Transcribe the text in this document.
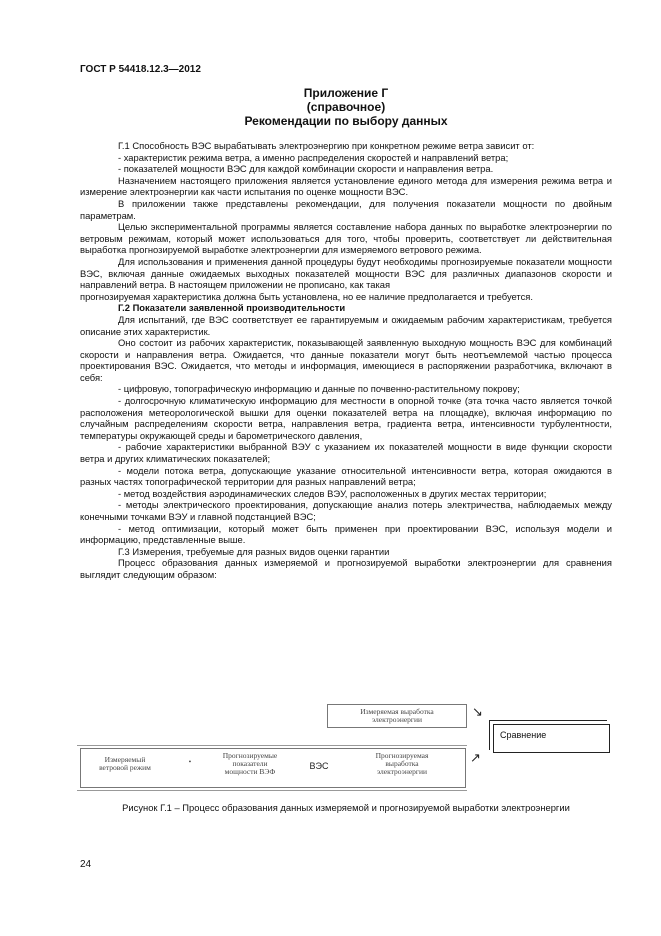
ГОСТ Р 54418.12.3—2012
Приложение Г
(справочное)
Рекомендации по выбору данных

Г.1 Способность ВЭС вырабатывать электроэнергию при конкретном режиме ветра зависит от:

- характеристик режима ветра, а именно распределения скоростей и направлений ветра;

- показателей мощности ВЭС для каждой комбинации скорости и направления ветра.

Назначением настоящего приложения является установление единого метода для измерения режима ветра и измерение электроэнергии как части испытания по оценке мощности ВЭС.

В приложении также представлены рекомендации, для получения показатели мощности по двойным параметрам.

Целью экспериментальной программы является составление набора данных по выработке электроэнергии по ветровым режимам, который может использоваться для того, чтобы проверить, соответствует ли действительная выработка прогнозируемой выработке электроэнергии для измеряемого ветрового режима.

Для использования и применения данной процедуры будут необходимы прогнозируемые показатели мощности ВЭС, включая данные ожидаемых выходных показателей мощности ВЭС для различных диапазонов скорости и направлений ветра. В настоящем приложении не прописано, как такая

прогнозируемая характеристика должна быть установлена, но ее наличие предполагается и требуется.

Г.2 Показатели заявленной производительности

Для испытаний, где ВЭС соответствует ее гарантируемым и ожидаемым рабочим характеристикам, требуется описание этих характеристик.

Оно состоит из рабочих характеристик, показывающей заявленную выходную мощность ВЭС для комбинаций скорости и направления ветра. Ожидается, что данные показатели могут быть неотъемлемой частью процесса проектирования ВЭС. Ожидается, что методы и информация, имеющиеся в распоряжении разработчика, включают в себя:

- цифровую, топографическую информацию и данные по почвенно-растительному покрову;

- долгосрочную климатическую информацию для местности в опорной точке (эта точка часто является точкой расположения метеорологической вышки для оценки показателей ветра на площадке), включая информацию по случайным распределениям скорости ветра, направления ветра, градиента ветра, интенсивности турбулентности, температуры окружающей среды и барометрического давления,

- рабочие характеристики выбранной ВЭУ с указанием их показателей мощности в виде функции скорости ветра и других климатических показателей;

- модели потока ветра, допускающие указание относительной интенсивности ветра, которая ожидаются в разных частях топографической территории для разных направлений ветра;

- метод воздействия аэродинамических следов ВЭУ, расположенных в других местах территории;

- методы электрического проектирования, допускающие анализ потерь электричества, наблюдаемых между конечными точками ВЭУ и главной подстанцией ВЭС;

- метод оптимизации, который может быть применен при проектировании ВЭС, используя модели и информацию, представленные выше.

Г.3 Измерения, требуемые для разных видов оценки гарантии

Процесс образования данных измеряемой и прогнозируемой выработки электроэнергии для сравнения выглядит следующим образом:

Измеряемая выработка
электроэнергии
↘
Сравнение
Измеряемый
ветровой режим
•
Прогнозируемые
показатели
мощности ВЭФ
ВЭС
Прогнозируемая
выработка
электроэнергии
↗
Рисунок Г.1 – Процесс образования данных измеряемой и прогнозируемой выработки электроэнергии
24
